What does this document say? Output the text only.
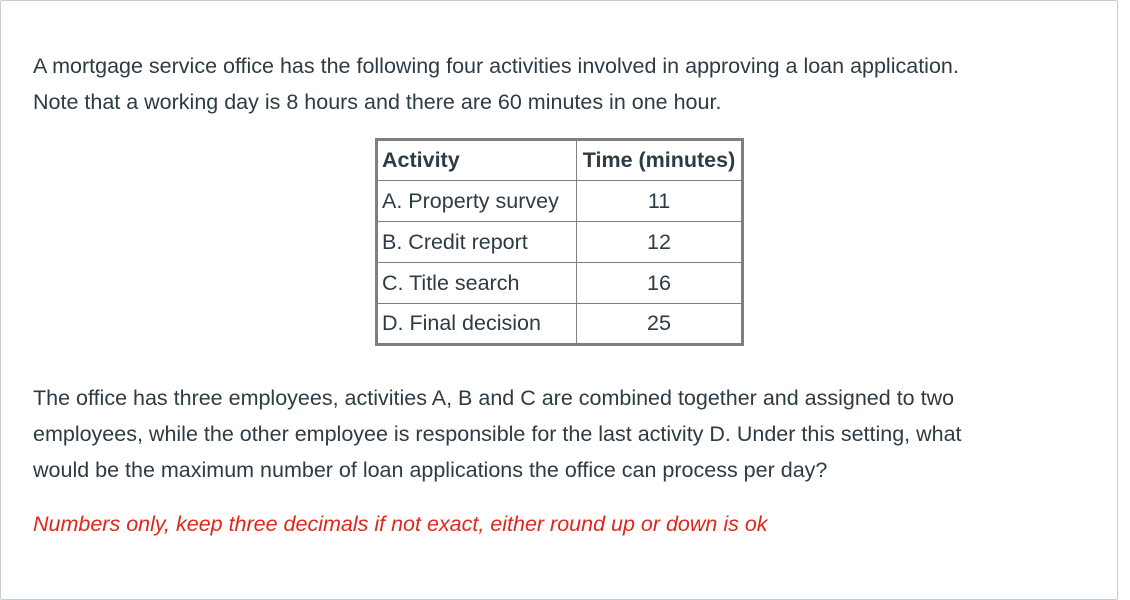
A mortgage service office has the following four activities involved in approving a loan application.
Note that a working day is 8 hours and there are 60 minutes in one hour.

Activity	Time (minutes)
A. Property survey	11
B. Credit report	12
C. Title search	16
D. Final decision	25

The office has three employees, activities A, B and C are combined together and assigned to two
employees, while the other employee is responsible for the last activity D. Under this setting, what
would be the maximum number of loan applications the office can process per day?

Numbers only, keep three decimals if not exact, either round up or down is ok
